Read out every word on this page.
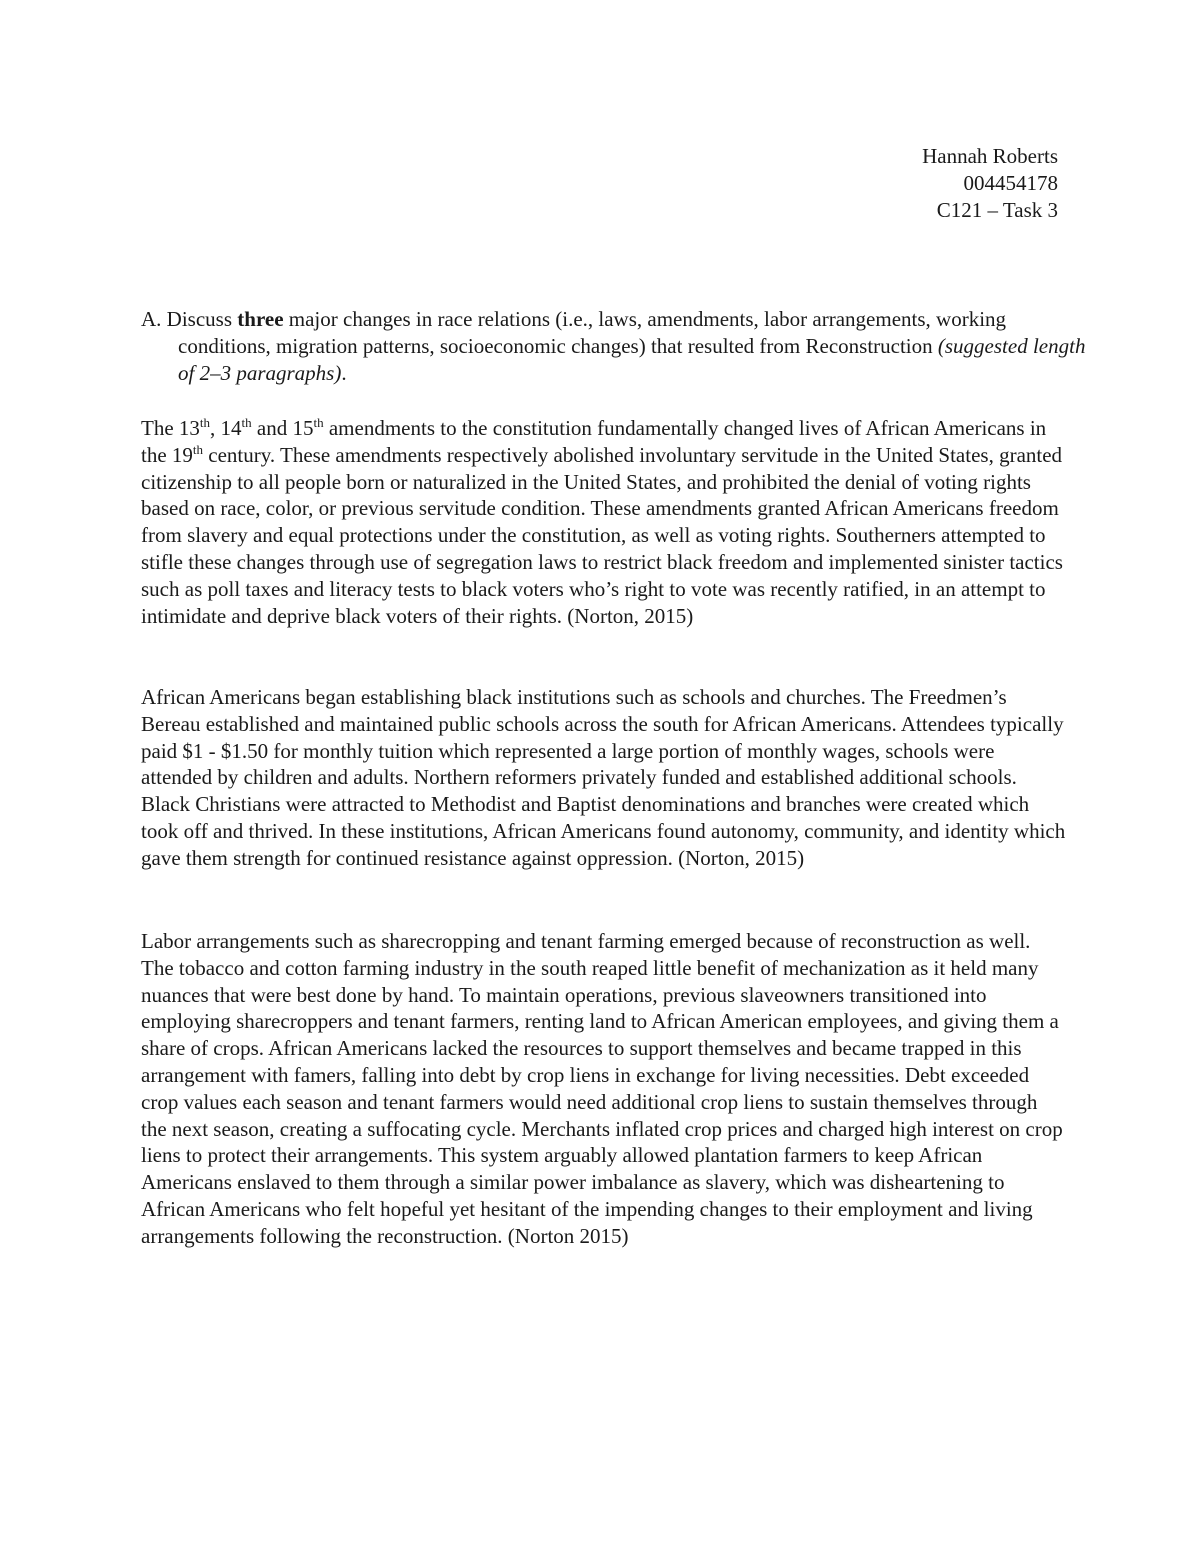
Hannah Roberts
004454178
C121 – Task 3
A. Discuss three major changes in race relations (i.e., laws, amendments, labor arrangements, working conditions, migration patterns, socioeconomic changes) that resulted from Reconstruction (suggested length of 2–3 paragraphs).

The 13th, 14th and 15th amendments to the constitution fundamentally changed lives of African Americans in the 19th century. These amendments respectively abolished involuntary servitude in the United States, granted citizenship to all people born or naturalized in the United States, and prohibited the denial of voting rights based on race, color, or previous servitude condition. These amendments granted African Americans freedom from slavery and equal protections under the constitution, as well as voting rights. Southerners attempted to stifle these changes through use of segregation laws to restrict black freedom and implemented sinister tactics such as poll taxes and literacy tests to black voters who’s right to vote was recently ratified, in an attempt to intimidate and deprive black voters of their rights. (Norton, 2015)

African Americans began establishing black institutions such as schools and churches. The Freedmen’s Bereau established and maintained public schools across the south for African Americans. Attendees typically paid $1 - $1.50 for monthly tuition which represented a large portion of monthly wages, schools were attended by children and adults. Northern reformers privately funded and established additional schools. Black Christians were attracted to Methodist and Baptist denominations and branches were created which took off and thrived. In these institutions, African Americans found autonomy, community, and identity which gave them strength for continued resistance against oppression. (Norton, 2015)

Labor arrangements such as sharecropping and tenant farming emerged because of reconstruction as well. The tobacco and cotton farming industry in the south reaped little benefit of mechanization as it held many nuances that were best done by hand. To maintain operations, previous slaveowners transitioned into employing sharecroppers and tenant farmers, renting land to African American employees, and giving them a share of crops. African Americans lacked the resources to support themselves and became trapped in this arrangement with famers, falling into debt by crop liens in exchange for living necessities. Debt exceeded crop values each season and tenant farmers would need additional crop liens to sustain themselves through the next season, creating a suffocating cycle. Merchants inflated crop prices and charged high interest on crop liens to protect their arrangements. This system arguably allowed plantation farmers to keep African Americans enslaved to them through a similar power imbalance as slavery, which was disheartening to African Americans who felt hopeful yet hesitant of the impending changes to their employment and living arrangements following the reconstruction. (Norton 2015)
